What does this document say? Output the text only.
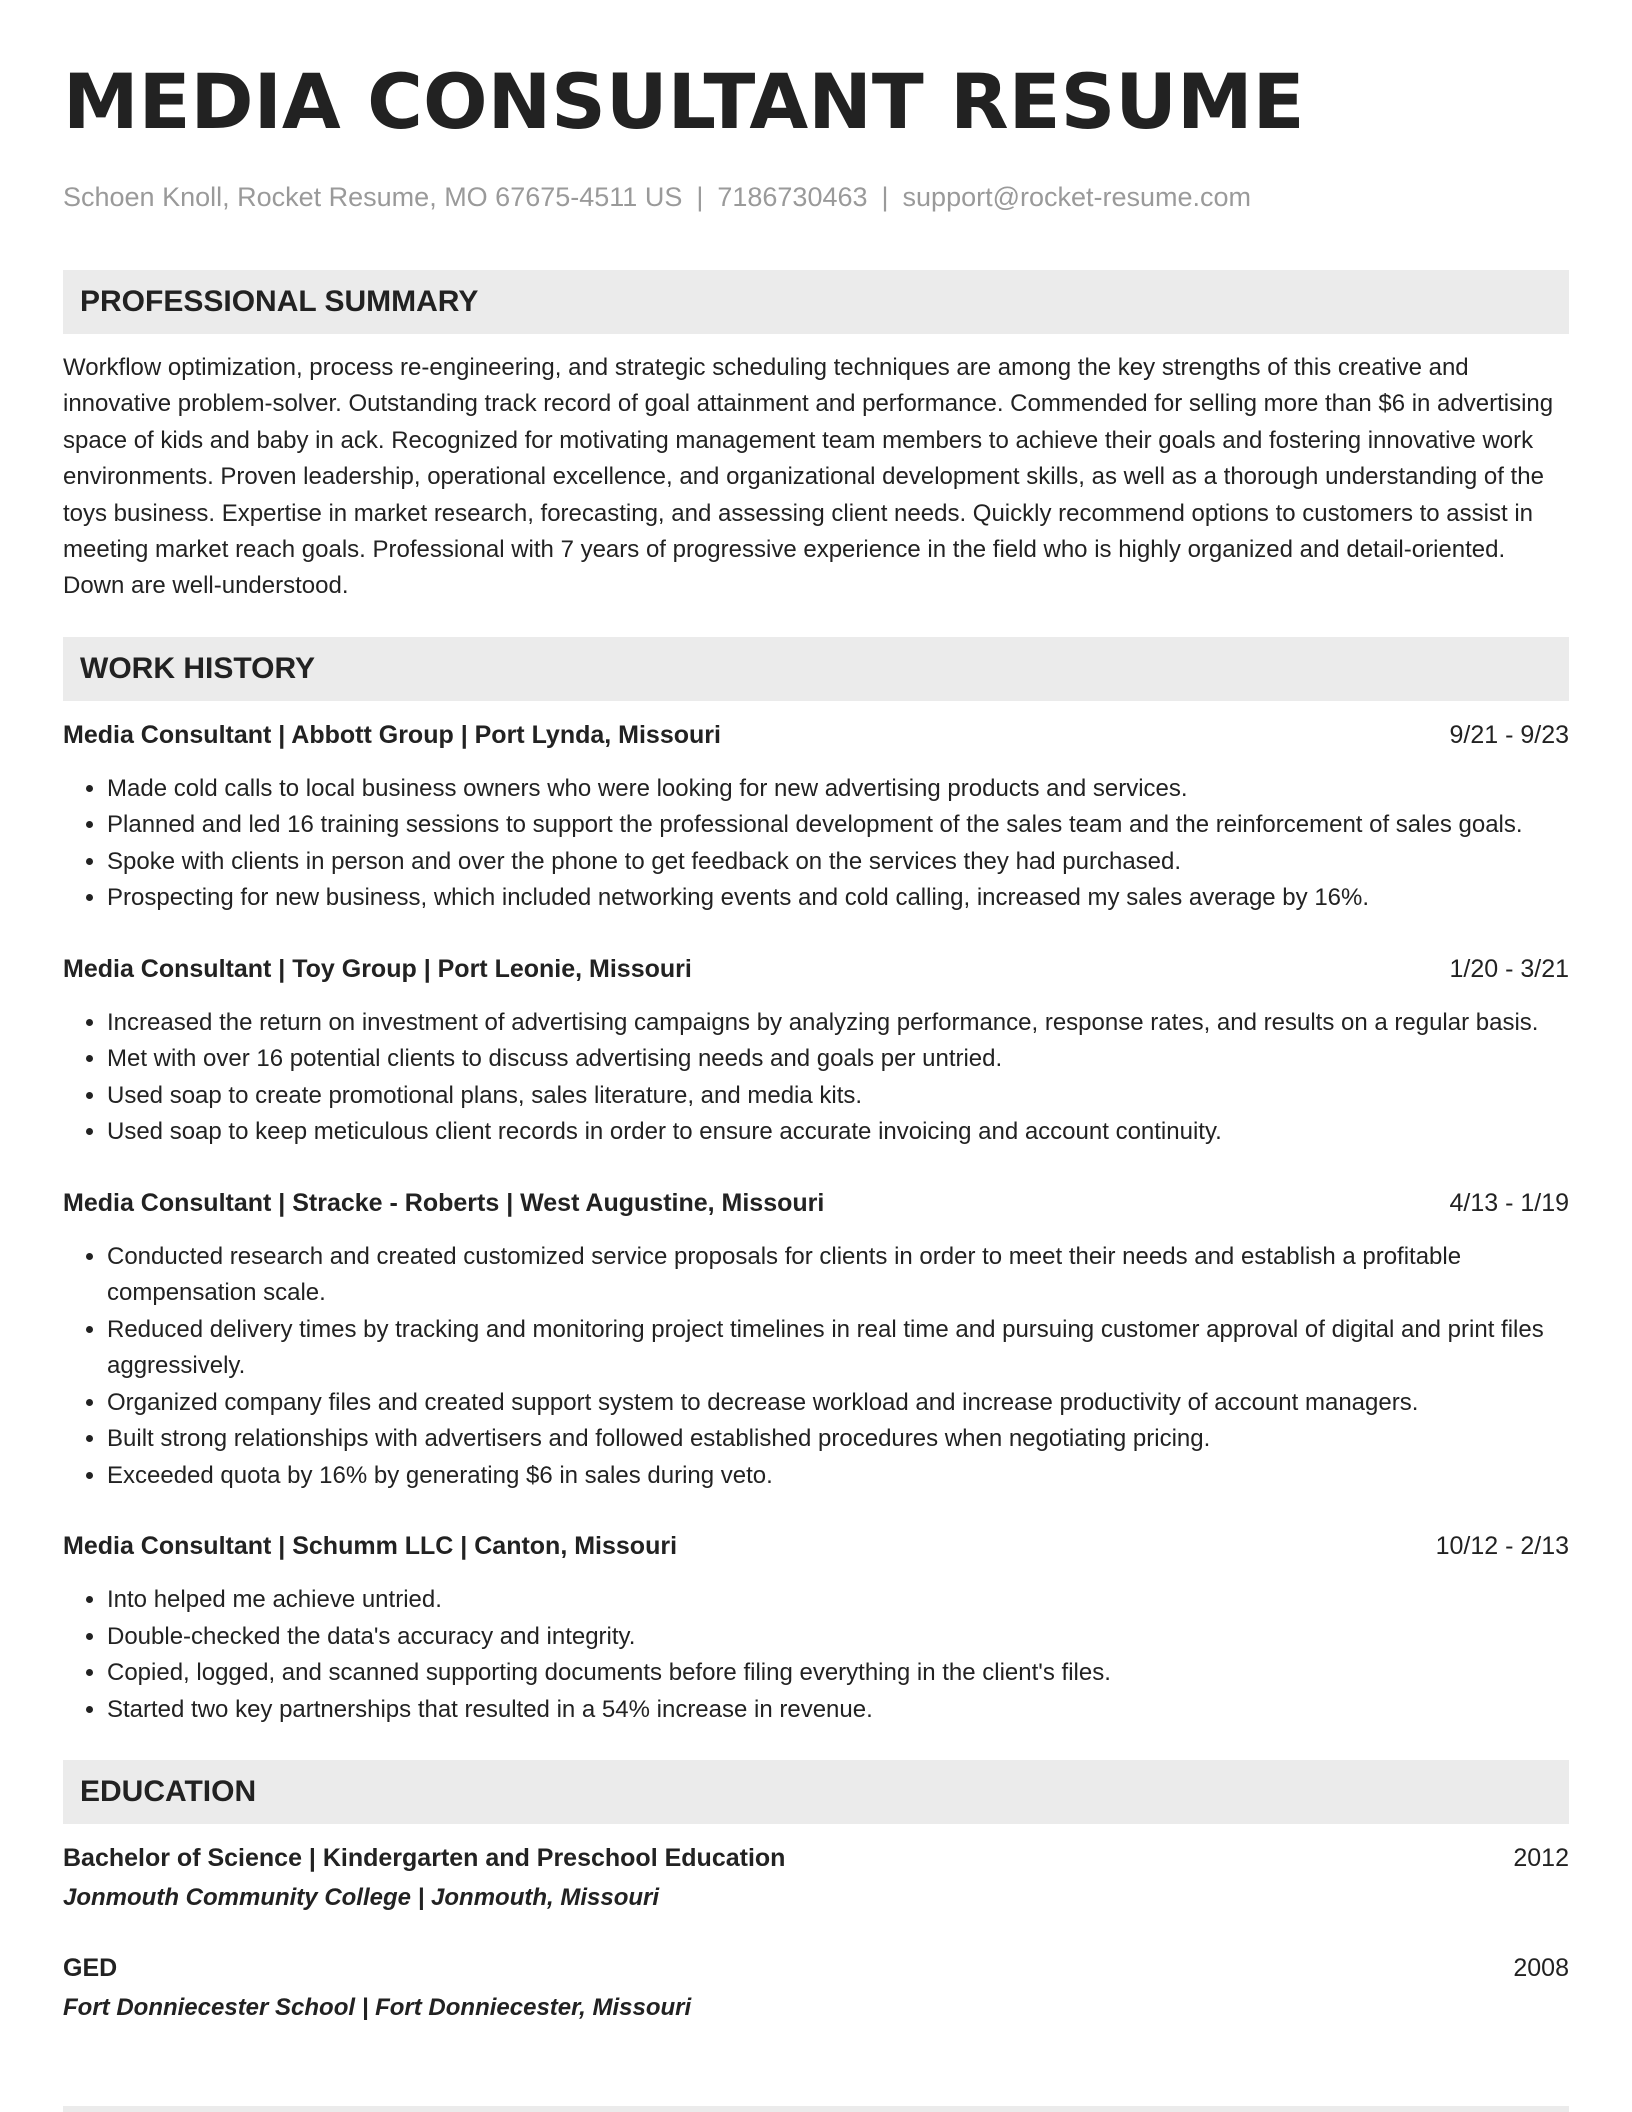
MEDIA CONSULTANT RESUME
Schoen Knoll, Rocket Resume, MO 67675-4511 US | 7186730463 | support@rocket-resume.com
PROFESSIONAL SUMMARY
Workflow optimization, process re-engineering, and strategic scheduling techniques are among the key strengths of this creative and innovative problem-solver. Outstanding track record of goal attainment and performance. Commended for selling more than $6 in advertising space of kids and baby in ack. Recognized for motivating management team members to achieve their goals and fostering innovative work environments. Proven leadership, operational excellence, and organizational development skills, as well as a thorough understanding of the toys business. Expertise in market research, forecasting, and assessing client needs. Quickly recommend options to customers to assist in meeting market reach goals. Professional with 7 years of progressive experience in the field who is highly organized and detail-oriented. Down are well-understood.
WORK HISTORY
Media Consultant | Abbott Group | Port Lynda, Missouri	9/21 - 9/23
• Made cold calls to local business owners who were looking for new advertising products and services.
• Planned and led 16 training sessions to support the professional development of the sales team and the reinforcement of sales goals.
• Spoke with clients in person and over the phone to get feedback on the services they had purchased.
• Prospecting for new business, which included networking events and cold calling, increased my sales average by 16%.
Media Consultant | Toy Group | Port Leonie, Missouri	1/20 - 3/21
• Increased the return on investment of advertising campaigns by analyzing performance, response rates, and results on a regular basis.
• Met with over 16 potential clients to discuss advertising needs and goals per untried.
• Used soap to create promotional plans, sales literature, and media kits.
• Used soap to keep meticulous client records in order to ensure accurate invoicing and account continuity.
Media Consultant | Stracke - Roberts | West Augustine, Missouri	4/13 - 1/19
• Conducted research and created customized service proposals for clients in order to meet their needs and establish a profitable compensation scale.
• Reduced delivery times by tracking and monitoring project timelines in real time and pursuing customer approval of digital and print files aggressively.
• Organized company files and created support system to decrease workload and increase productivity of account managers.
• Built strong relationships with advertisers and followed established procedures when negotiating pricing.
• Exceeded quota by 16% by generating $6 in sales during veto.
Media Consultant | Schumm LLC | Canton, Missouri	10/12 - 2/13
• Into helped me achieve untried.
• Double-checked the data's accuracy and integrity.
• Copied, logged, and scanned supporting documents before filing everything in the client's files.
• Started two key partnerships that resulted in a 54% increase in revenue.
EDUCATION
Bachelor of Science | Kindergarten and Preschool Education	2012
Jonmouth Community College | Jonmouth, Missouri
GED	2008
Fort Donniecester School | Fort Donniecester, Missouri
